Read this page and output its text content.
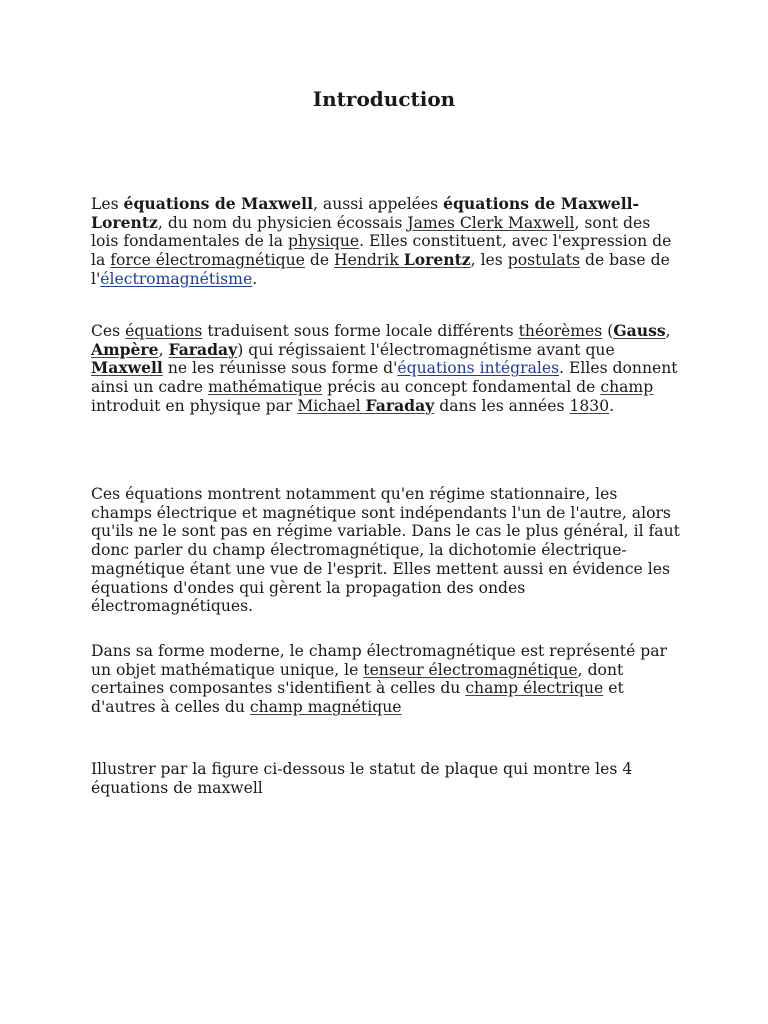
Introduction

Les équations de Maxwell, aussi appelées équations de Maxwell-Lorentz, du nom du physicien écossais James Clerk Maxwell, sont des lois fondamentales de la physique. Elles constituent, avec l'expression de la force électromagnétique de Hendrik Lorentz, les postulats de base de l'électromagnétisme.

Ces équations traduisent sous forme locale différents théorèmes (Gauss, Ampère, Faraday) qui régissaient l'électromagnétisme avant que Maxwell ne les réunisse sous forme d'équations intégrales. Elles donnent ainsi un cadre mathématique précis au concept fondamental de champ introduit en physique par Michael Faraday dans les années 1830.

Ces équations montrent notamment qu'en régime stationnaire, les champs électrique et magnétique sont indépendants l'un de l'autre, alors qu'ils ne le sont pas en régime variable. Dans le cas le plus général, il faut donc parler du champ électromagnétique, la dichotomie électrique-magnétique étant une vue de l'esprit. Elles mettent aussi en évidence les équations d'ondes qui gèrent la propagation des ondes électromagnétiques.

Dans sa forme moderne, le champ électromagnétique est représenté par un objet mathématique unique, le tenseur électromagnétique, dont certaines composantes s'identifient à celles du champ électrique et d'autres à celles du champ magnétique

Illustrer par la figure ci-dessous le statut de plaque qui montre les 4 équations de maxwell
